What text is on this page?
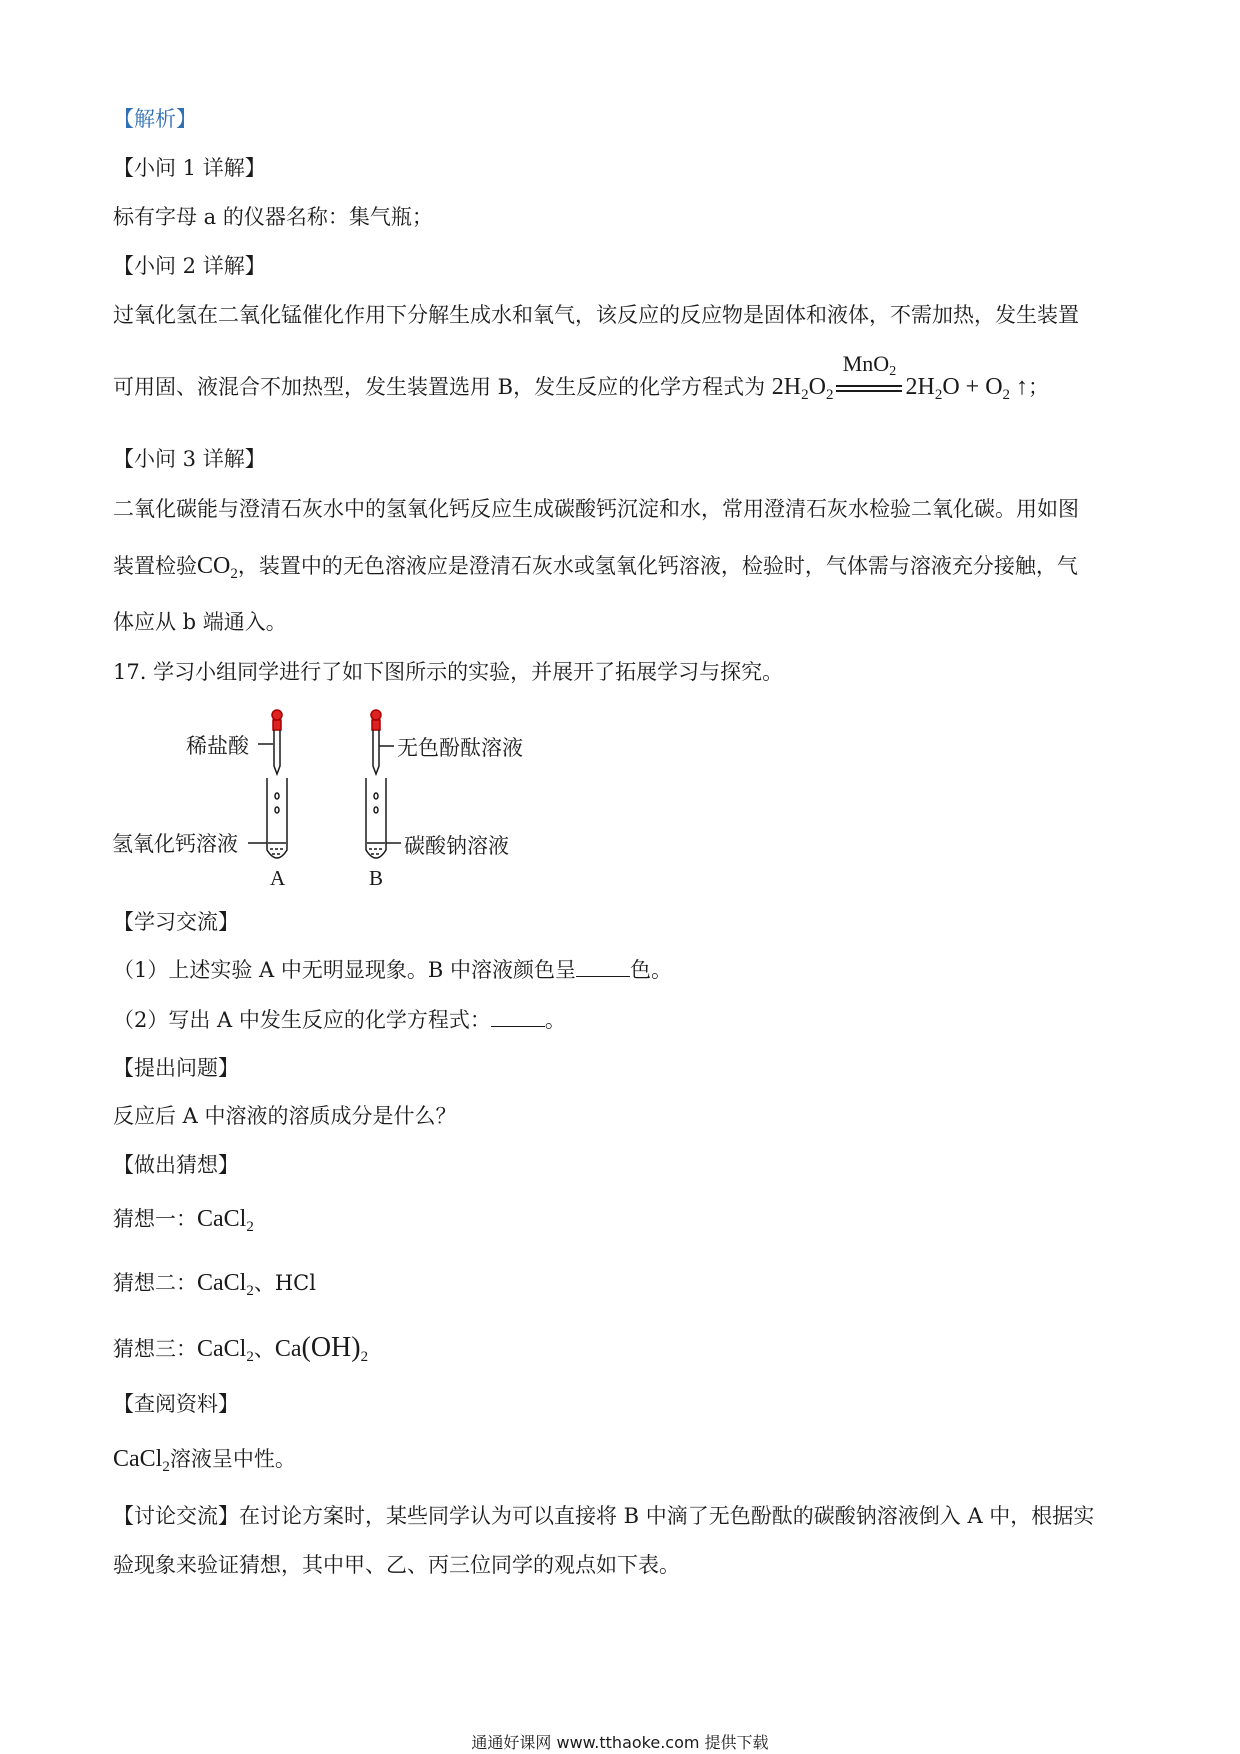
【解析】
【小问 1 详解】
标有字母 a 的仪器名称：集气瓶；
【小问 2 详解】
过氧化氢在二氧化锰催化作用下分解生成水和氧气，该反应的反应物是固体和液体，不需加热，发生装置
可用固、液混合不加热型，发生装置选用 B，发生反应的化学方程式为 $2H_2O_2$
MnO$_2$
$2H_2O + O_2$ ↑；
【小问 3 详解】
二氧化碳能与澄清石灰水中的氢氧化钙反应生成碳酸钙沉淀和水，常用澄清石灰水检验二氧化碳。用如图
装置检验$CO_2$，装置中的无色溶液应是澄清石灰水或氢氧化钙溶液，检验时，气体需与溶液充分接触，气
体应从 b 端通入。
17. 学习小组同学进行了如下图所示的实验，并展开了拓展学习与探究。
稀盐酸	无色酚酞溶液
氢氧化钙溶液	碳酸钠溶液
A	B
【学习交流】
（1）上述实验 A 中无明显现象。B 中溶液颜色呈	色。
（2）写出 A 中发生反应的化学方程式：	。
【提出问题】
反应后 A 中溶液的溶质成分是什么？
【做出猜想】
猜想一：CaCl$_2$
猜想二：CaCl$_2$、HCl
猜想三：CaCl$_2$、$Ca(OH)_2$
【查阅资料】
CaCl$_2$溶液呈中性。
【讨论交流】在讨论方案时，某些同学认为可以直接将 B 中滴了无色酚酞的碳酸钠溶液倒入 A 中，根据实
验现象来验证猜想，其中甲、乙、丙三位同学的观点如下表。
通通好课网 www.tthaoke.com 提供下载
